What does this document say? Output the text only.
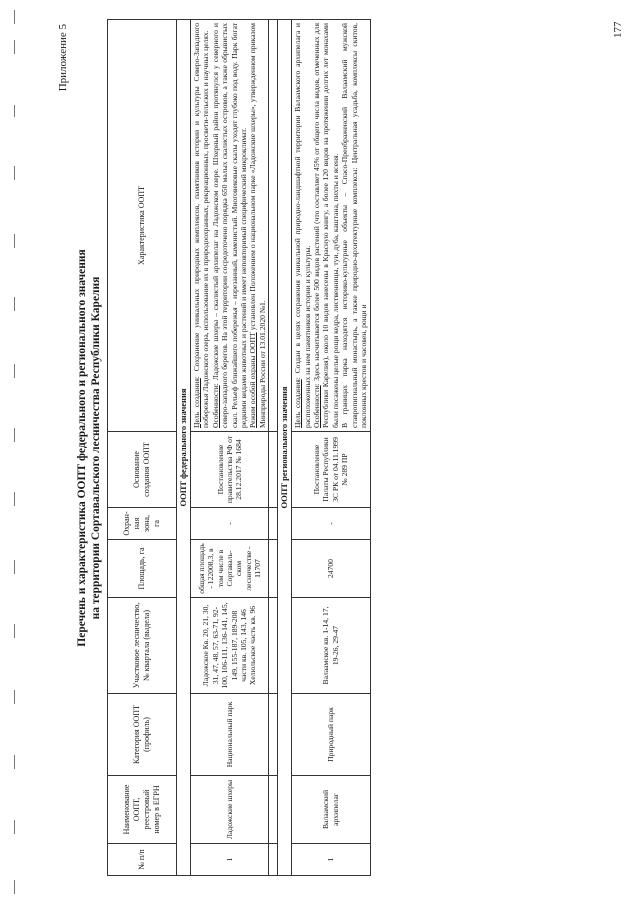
177
Приложение 5
Перечень и характеристика ООПТ федерального и регионального значения на территории Сортавальского лесничества Республики Карелия
№ п/п	Наименование ООПТ, реестровый номер в ЕГРН	Категория ООПТ (профиль)	Участковое лесничество, № квартала (выдела)	Площадь, га	Охран-ная зона, га	Основание создания ООПТ	Характеристика ООПТ
ООПТ федерального значения							
1	Ладожские шхеры	Национальный парк	Ладожское Кв. 20, 21, 30, 31, 47, 48, 57, 63-71, 92-100, 106-111, 136-141, 145, 149, 155-187, 189-208 части кв. 105, 143, 146 Хелюльское часть кв. 96	общая площадь - 122008,3, в том числе в Сортаваль-ском лесничестве - 11707	-	Постановление правительства РФ от 28.12.2017 № 1684	Цель создания: Сохранение уникальных природных комплексов, памятников истории и культуры Северо-Западного побережья Ладожского озера, использование их в природоохранных, рекреационных, просвети-тельских и научных целях.
Особенности: Ладожские шхеры – скалистый архипелаг на Ладожском озере. Шхерный район протянулся у северного и северо-западного берегов. На этой территории сосредоточено порядка 650 малых скалистых островов, а также обрывистых скал. Рельеф ближайшего побережья – изрезанный, каменистый. Многовековые скалы уходят глубоко под воду. Парк богат редкими видами животных и растений и имеет неповторимый специфический микроклимат.
Режим особой охраны ООПТ установлен Положением о национальном парке «Ладожские шхеры», утвержденном приказом Минприроды России от 13.01.2020 №1.

ООПТ регионального значения							
1	Валаамский архипелаг	Природный парк	Валаамское кв. 1-14, 17, 19-26, 29-47	24700	-	Постановление Палаты Республики ЗС РК от 04.11.1999 № 289 ПР	Цель создания: Создан в целях сохранения уникальной природно-ландшафтной территории Валаамского архипелага и расположенных на нем памятников истории и культуры.
Особенности: Здесь насчитывается более 500 видов растений (что составляет 45% от общего числа видов, отмеченных для Республики Карелия), около 10 видов занесены в Красную книгу, а более 120 видов на протяжении долгих лет монахами были посажены целые рощи кедра, лиственницы, туи, дуба, каштана, пихты и ясеня.
В границах парка находятся историко-культурные объекты – Спасо-Преображенский Валаамский мужской ставропигиальный монастырь, а также природно-архитектурные комплексы: Центральная усадьба, комплексы скитов, поклонных крестов и часовен, рощи и
